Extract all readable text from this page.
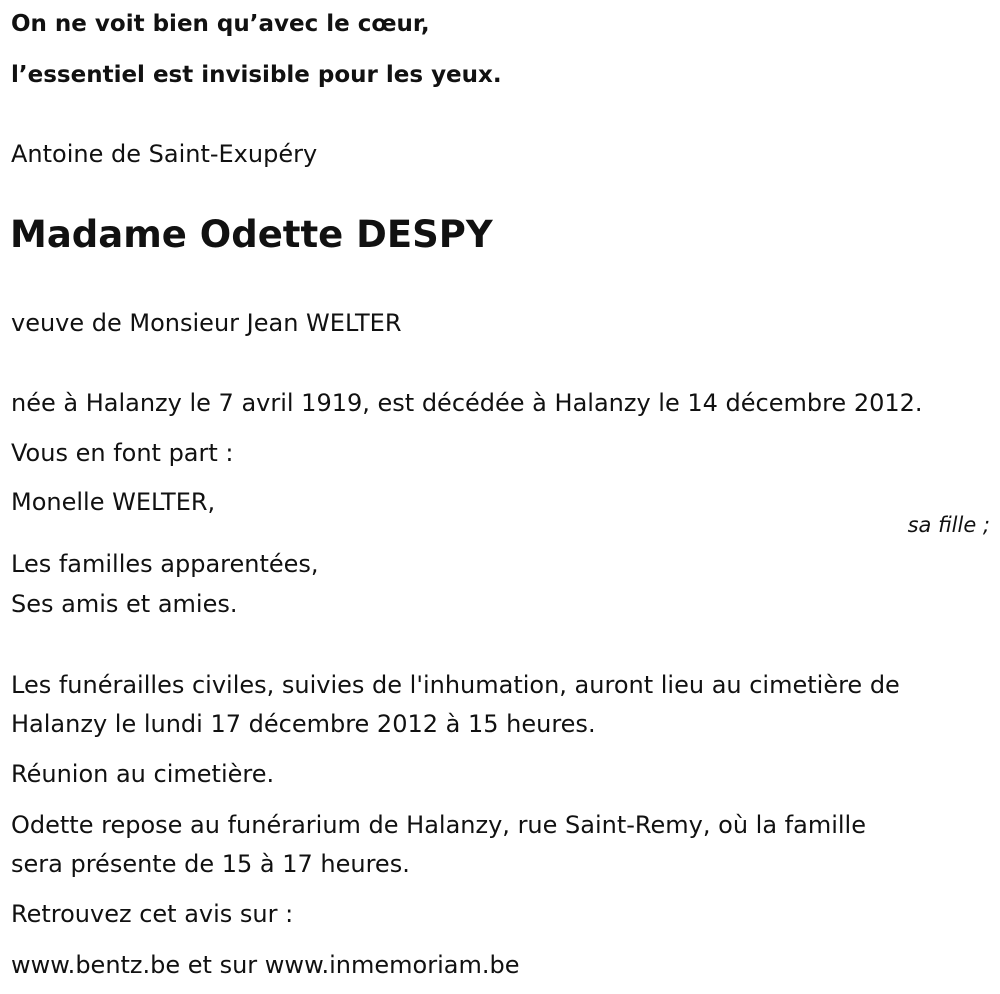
On ne voit bien qu’avec le cœur,
l’essentiel est invisible pour les yeux.
Antoine de Saint-Exupéry
Madame Odette DESPY
veuve de Monsieur Jean WELTER
née à Halanzy le 7 avril 1919, est décédée à Halanzy le 14 décembre 2012.
Vous en font part :
Monelle WELTER,
sa fille ;
Les familles apparentées,
Ses amis et amies.
Les funérailles civiles, suivies de l'inhumation, auront lieu au cimetière de
Halanzy le lundi 17 décembre 2012 à 15 heures.
Réunion au cimetière.
Odette repose au funérarium de Halanzy, rue Saint-Remy, où la famille
sera présente de 15 à 17 heures.
Retrouvez cet avis sur :
www.bentz.be et sur www.inmemoriam.be
